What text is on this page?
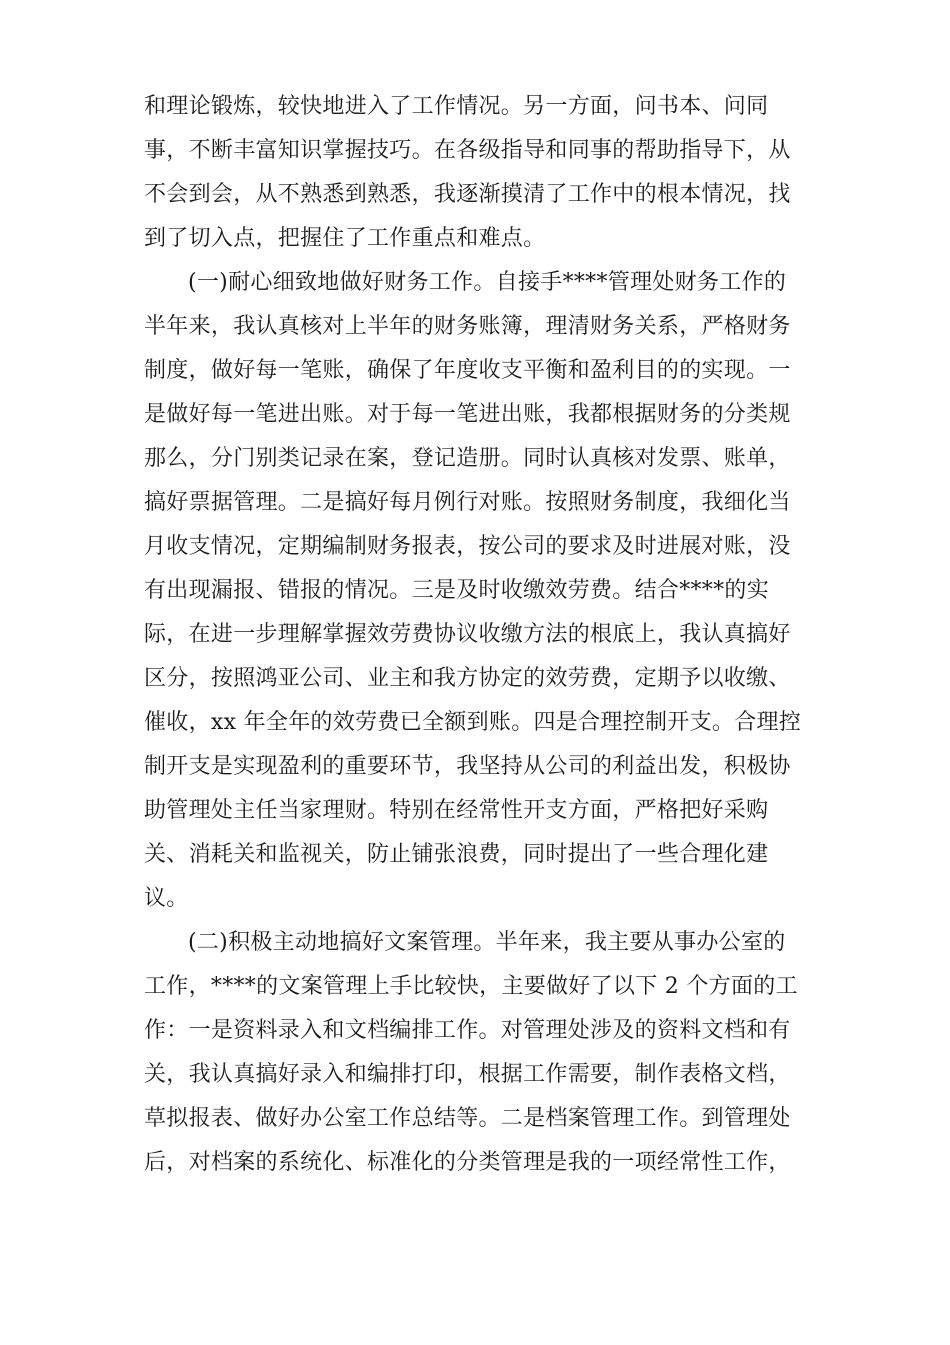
和理论锻炼，较快地进入了工作情况。另一方面，问书本、问同
事，不断丰富知识掌握技巧。在各级指导和同事的帮助指导下，从
不会到会，从不熟悉到熟悉，我逐渐摸清了工作中的根本情况，找
到了切入点，把握住了工作重点和难点。
(一)耐心细致地做好财务工作。自接手****管理处财务工作的
半年来，我认真核对上半年的财务账簿，理清财务关系，严格财务
制度，做好每一笔账，确保了年度收支平衡和盈利目的的实现。一
是做好每一笔进出账。对于每一笔进出账，我都根据财务的分类规
那么，分门别类记录在案，登记造册。同时认真核对发票、账单，
搞好票据管理。二是搞好每月例行对账。按照财务制度，我细化当
月收支情况，定期编制财务报表，按公司的要求及时进展对账，没
有出现漏报、错报的情况。三是及时收缴效劳费。结合****的实
际，在进一步理解掌握效劳费协议收缴方法的根底上，我认真搞好
区分，按照鸿亚公司、业主和我方协定的效劳费，定期予以收缴、
催收，xx 年全年的效劳费已全额到账。四是合理控制开支。合理控
制开支是实现盈利的重要环节，我坚持从公司的利益出发，积极协
助管理处主任当家理财。特别在经常性开支方面，严格把好采购
关、消耗关和监视关，防止铺张浪费，同时提出了一些合理化建
议。
(二)积极主动地搞好文案管理。半年来，我主要从事办公室的
工作，****的文案管理上手比较快，主要做好了以下 2 个方面的工
作：一是资料录入和文档编排工作。对管理处涉及的资料文档和有
关，我认真搞好录入和编排打印，根据工作需要，制作表格文档，
草拟报表、做好办公室工作总结等。二是档案管理工作。到管理处
后，对档案的系统化、标准化的分类管理是我的一项经常性工作，
